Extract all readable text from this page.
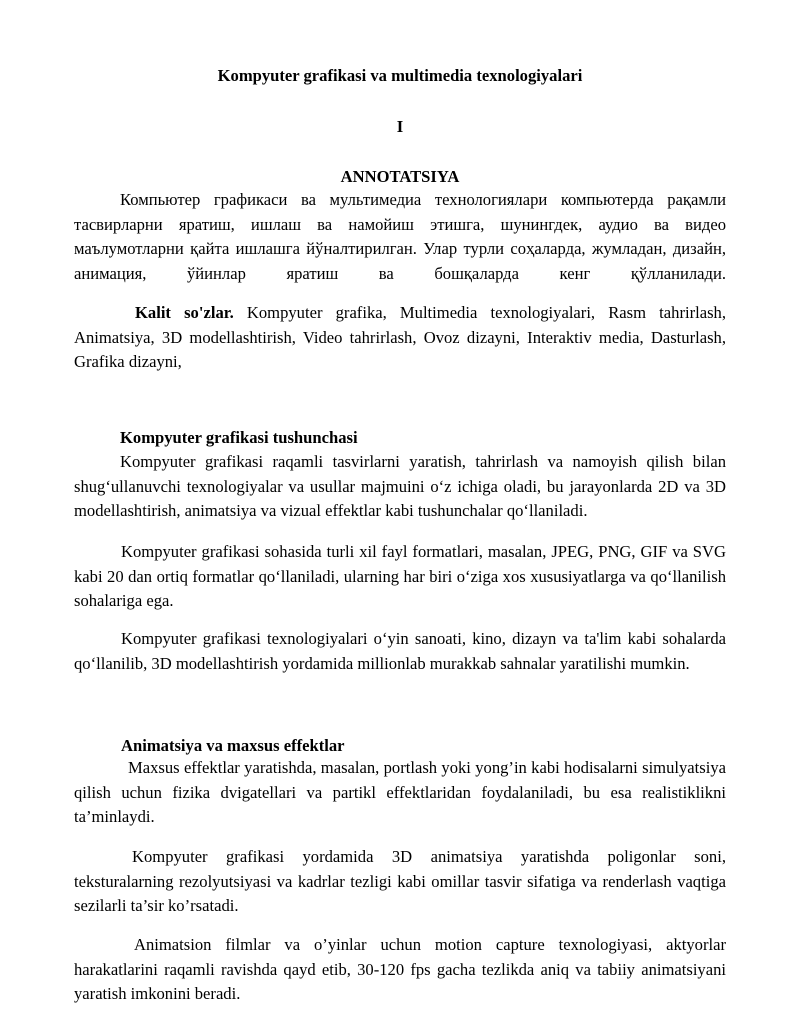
Kompyuter grafikasi va multimedia texnologiyalari
I
ANNOTATSIYA

Компьютер графикаси ва мультимедиа технологиялари компьютерда рақамли тасвирларни яратиш, ишлаш ва намойиш этишга, шунингдек, аудио ва видео маълумотларни қайта ишлашга йўналтирилган. Улар турли соҳаларда, жумладан, дизайн, анимация, ўйинлар яратиш ва бошқаларда кенг қўлланилади.

Kalit so'zlar. Kompyuter grafika, Multimedia texnologiyalari, Rasm tahrirlash, Animatsiya, 3D modellashtirish, Video tahrirlash, Ovoz dizayni, Interaktiv media, Dasturlash, Grafika dizayni,

Kompyuter grafikasi tushunchasi

Kompyuter grafikasi raqamli tasvirlarni yaratish, tahrirlash va namoyish qilish bilan shug‘ullanuvchi texnologiyalar va usullar majmuini o‘z ichiga oladi, bu jarayonlarda 2D va 3D modellashtirish, animatsiya va vizual effektlar kabi tushunchalar qo‘llaniladi.

Kompyuter grafikasi sohasida turli xil fayl formatlari, masalan, JPEG, PNG, GIF va SVG kabi 20 dan ortiq formatlar qo‘llaniladi, ularning har biri o‘ziga xos xususiyatlarga va qo‘llanilish sohalariga ega.

Kompyuter grafikasi texnologiyalari o‘yin sanoati, kino, dizayn va ta'lim kabi sohalarda qo‘llanilib, 3D modellashtirish yordamida millionlab murakkab sahnalar yaratilishi mumkin.

Animatsiya va maxsus effektlar

Maxsus effektlar yaratishda, masalan, portlash yoki yong’in kabi hodisalarni simulyatsiya qilish uchun fizika dvigatellari va partikl effektlaridan foydalaniladi, bu esa realistiklikni ta’minlaydi.

Kompyuter grafikasi yordamida 3D animatsiya yaratishda poligonlar soni, teksturalarning rezolyutsiyasi va kadrlar tezligi kabi omillar tasvir sifatiga va renderlash vaqtiga sezilarli ta’sir ko’rsatadi.

Animatsion filmlar va o’yinlar uchun motion capture texnologiyasi, aktyorlar harakatlarini raqamli ravishda qayd etib, 30-120 fps gacha tezlikda aniq va tabiiy animatsiyani yaratish imkonini beradi.
